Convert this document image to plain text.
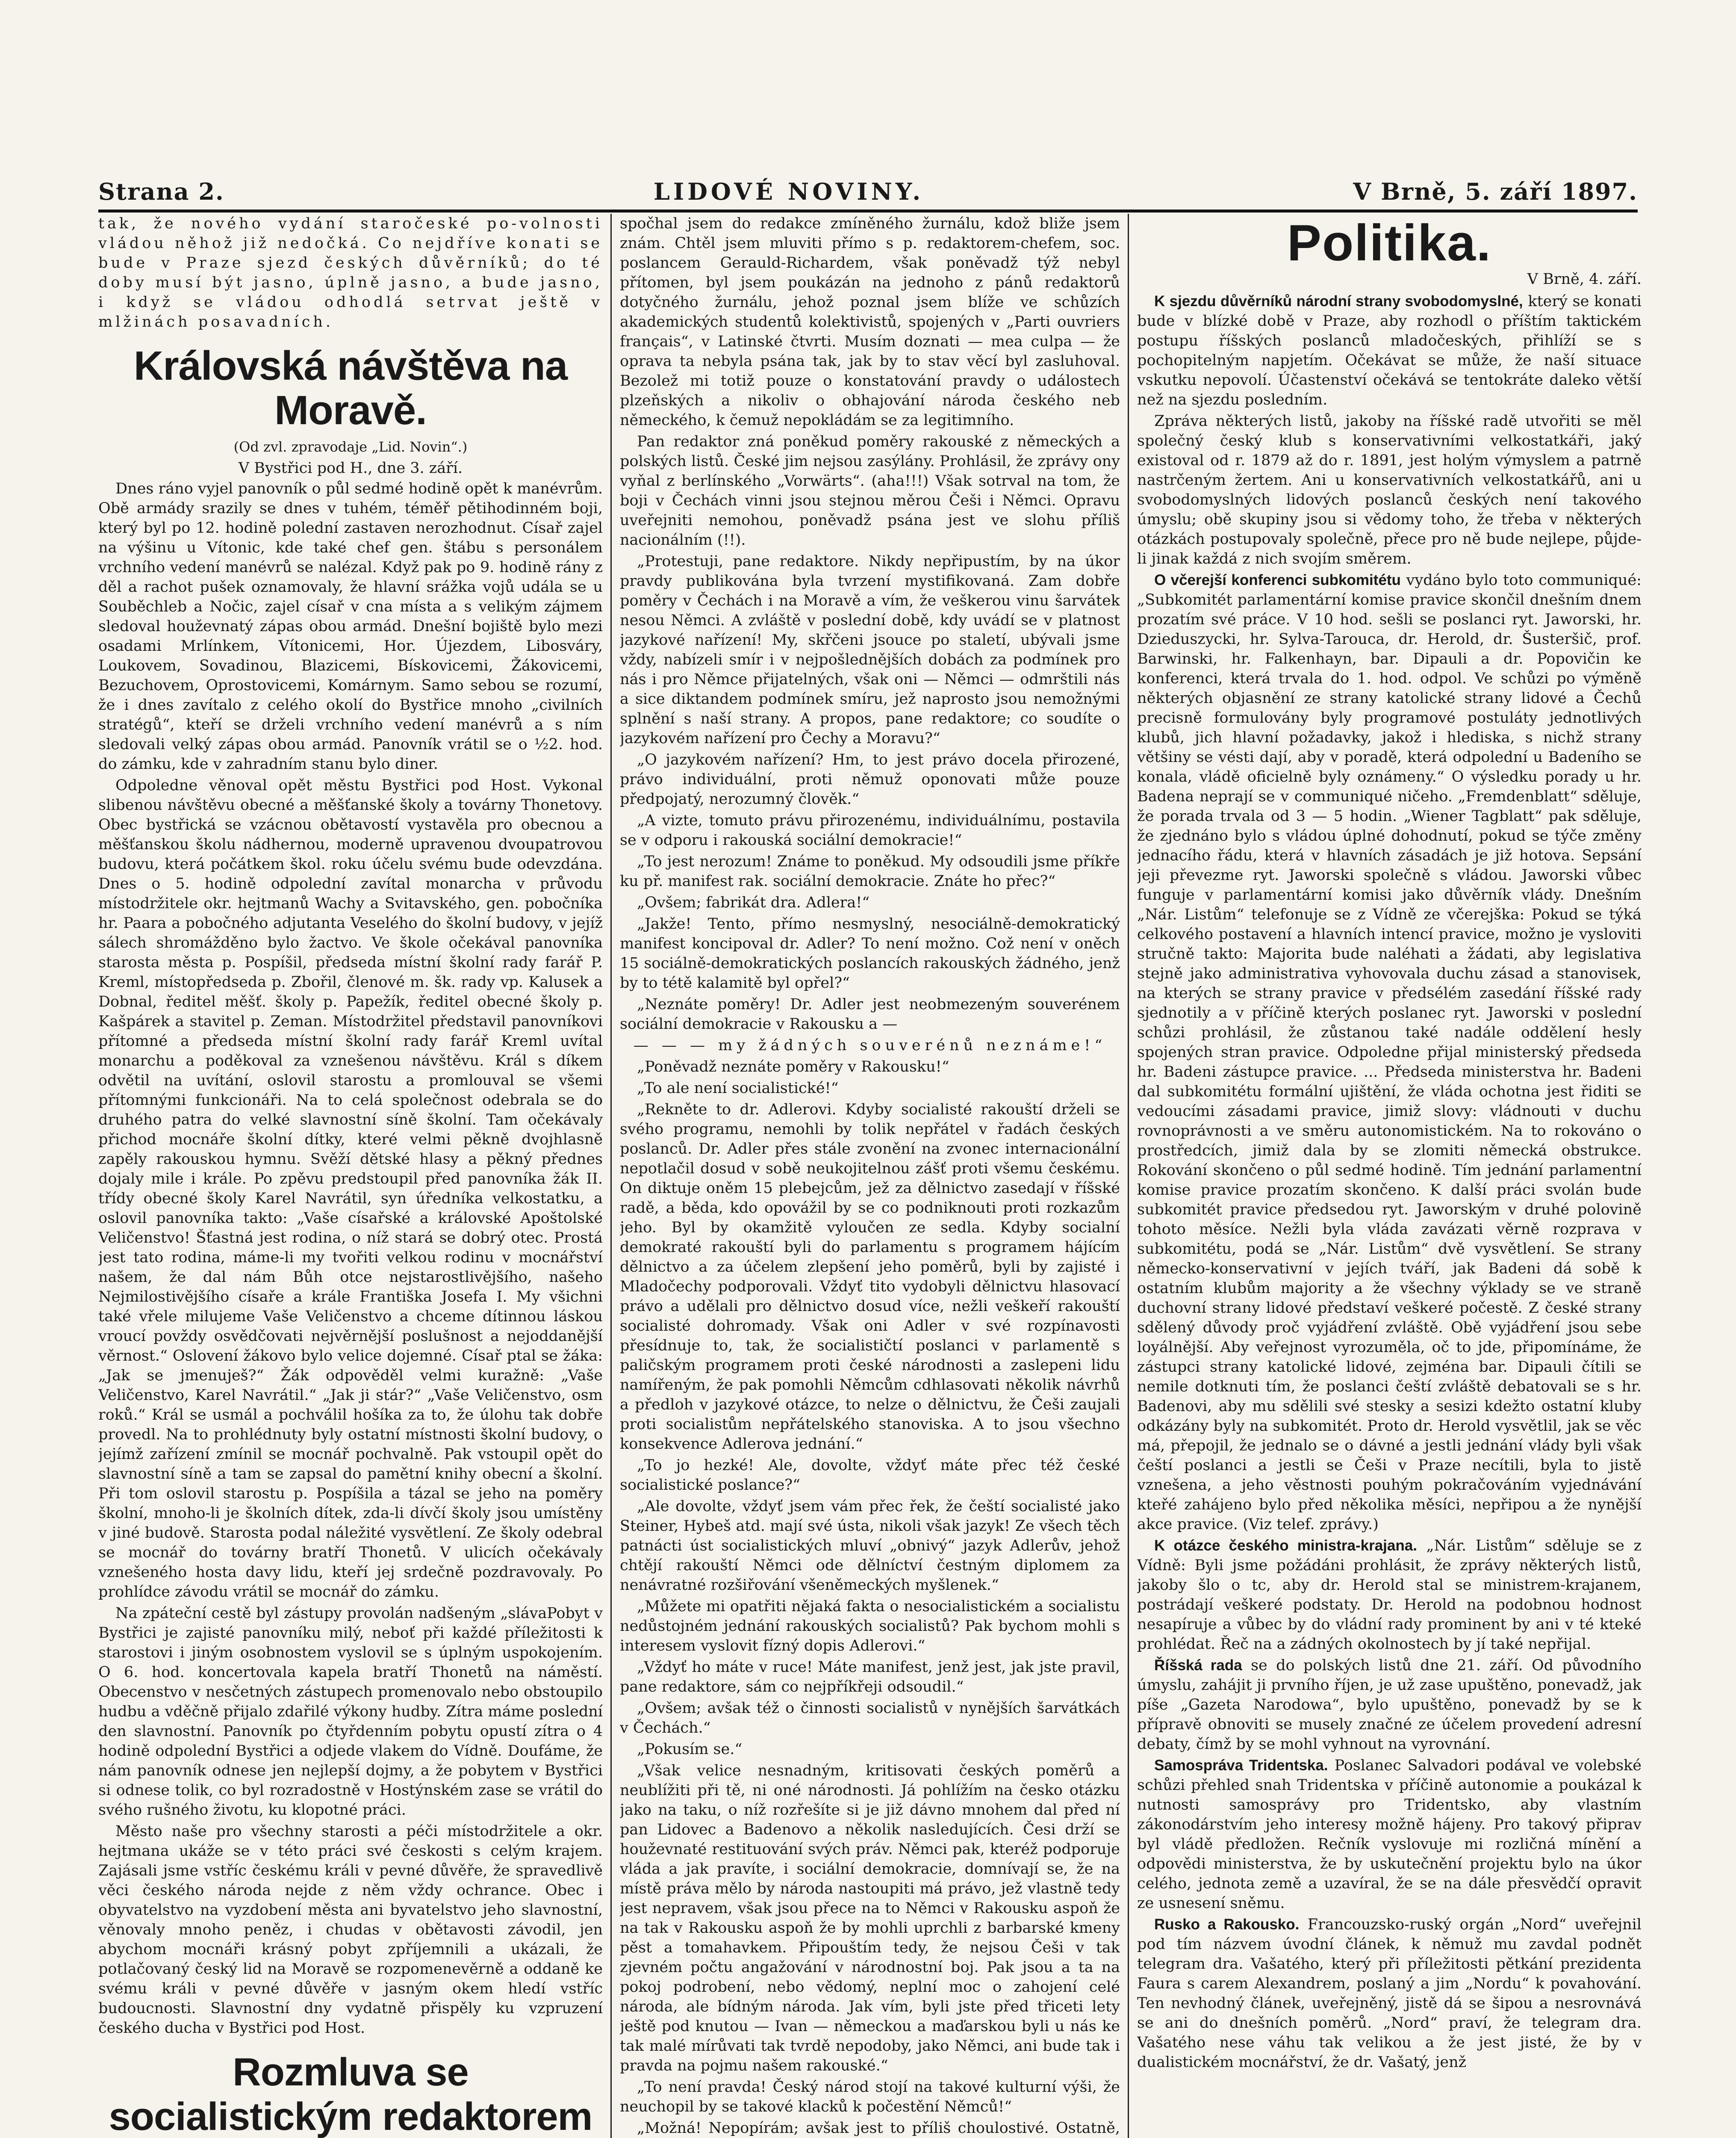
Strana 2.	LIDOVÉ NOVINY.	V Brně, 5. září 1897.

tak, že nového vydání staročeské po-volnosti vládou něhož již nedočká. Co nejdříve konati se bude v Praze sjezd českých důvěrníků; do té doby musí být jasno, úplně jasno, a bude jasno, i když se vládou odhodlá setrvat ještě v mlžinách posavadních.

Královská návštěva na Moravě.

(Od zvl. zpravodaje „Lid. Novin“.)

V Bystřici pod H., dne 3. září.

Dnes ráno vyjel panovník o půl sedmé hodině opět k manévrům. Obě armády srazily se dnes v tuhém, téměř pětihodinném boji, který byl po 12. hodině polední zastaven nerozhodnut. Císař zajel na výšinu u Vítonic, kde také chef gen. štábu s personálem vrchního vedení manévrů se nalézal. Když pak po 9. hodině rány z děl a rachot pušek oznamovaly, že hlavní srážka vojů udála se u Souběchleb a Nočic, zajel císař v cna místa a s velikým zájmem sledoval houževnatý zápas obou armád. Dnešní bojiště bylo mezi osadami Mrlínkem, Vítonicemi, Hor. Újezdem, Libosváry, Loukovem, Sovadinou, Blazicemi, Bískovicemi, Žákovicemi, Bezuchovem, Oprostovicemi, Komárnym. Samo sebou se rozumí, že i dnes zavítalo z celého okolí do Bystřice mnoho „civilních stratégů“, kteří se drželi vrchního vedení manévrů a s ním sledovali velký zápas obou armád. Panovník vrátil se o ½2. hod. do zámku, kde v zahradním stanu bylo diner.

Odpoledne věnoval opět městu Bystřici pod Host. Vykonal slibenou návštěvu obecné a měšťanské školy a továrny Thonetovy. Obec bystřická se vzácnou obětavostí vystavěla pro obecnou a měšťanskou školu nádhernou, moderně upravenou dvoupatrovou budovu, která počátkem škol. roku účelu svému bude odevzdána. Dnes o 5. hodině odpolední zavítal monarcha v průvodu místodržitele okr. hejtmanů Wachy a Svitavského, gen. pobočníka hr. Paara a pobočného adjutanta Veselého do školní budovy, v jejíž sálech shromážděno bylo žactvo. Ve škole očekával panovníka starosta města p. Pospíšil, předseda místní školní rady farář P. Kreml, místopředseda p. Zbořil, členové m. šk. rady vp. Kalusek a Dobnal, ředitel měšť. školy p. Papežík, ředitel obecné školy p. Kašpárek a stavitel p. Zeman. Místodržitel představil panovníkovi přítomné a předseda místní školní rady farář Kreml uvítal monarchu a poděkoval za vznešenou návštěvu. Král s díkem odvětil na uvítání, oslovil starostu a promlouval se všemi přítomnými funkcionáři. Na to celá společnost odebrala se do druhého patra do velké slavnostní síně školní. Tam očekávaly přichod mocnáře školní dítky, které velmi pěkně dvojhlasně zapěly rakouskou hymnu. Svěží dětské hlasy a pěkný přednes dojaly mile i krále. Po zpěvu predstoupil před panovníka žák II. třídy obecné školy Karel Navrátil, syn úředníka velkostatku, a oslovil panovníka takto: „Vaše císařské a královské Apoštolské Veličenstvo! Šťastná jest rodina, o níž stará se dobrý otec. Prostá jest tato rodina, máme-li my tvořiti velkou rodinu v mocnářství našem, že dal nám Bůh otce nejstarostlivějšího, našeho Nejmilostivějšího císaře a krále Františka Josefa I. My všichni také vřele milujeme Vaše Veličenstvo a chceme dítinnou láskou vroucí povždy osvědčovati nejvěrnější poslušnost a nejoddanější věrnost.“ Oslovení žákovo bylo velice dojemné. Císař ptal se žáka: „Jak se jmenuješ?“ Žák odpověděl velmi kuražně: „Vaše Veličenstvo, Karel Navrátil.“ „Jak ji stár?“ „Vaše Veličenstvo, osm roků.“ Král se usmál a pochválil hošíka za to, že úlohu tak dobře provedl. Na to prohlédnuty byly ostatní místnosti školní budovy, o jejímž zařízení zmínil se mocnář pochvalně. Pak vstoupil opět do slavnostní síně a tam se zapsal do pamětní knihy obecní a školní. Při tom oslovil starostu p. Pospíšila a tázal se jeho na poměry školní, mnoho-li je školních dítek, zda-li dívčí školy jsou umístěny v jiné budově. Starosta podal náležité vysvětlení. Ze školy odebral se mocnář do továrny bratří Thonetů. V ulicích očekávaly vznešeného hosta davy lidu, kteří jej srdečně pozdravovaly. Po prohlídce závodu vrátil se mocnář do zámku.

Na zpáteční cestě byl zástupy provolán nadšeným „slávaPobyt v Bystřici je zajisté panovníku milý, neboť při každé příležitosti k starostovi i jiným osobnostem vyslovil se s úplným uspokojením. O 6. hod. koncertovala kapela bratří Thonetů na náměstí. Obecenstvo v nesčetných zástupech promenovalo nebo obstoupilo hudbu a vděčně přijalo zdařilé výkony hudby. Zítra máme poslední den slavnostní. Panovník po čtyřdenním pobytu opustí zítra o 4 hodině odpolední Bystřici a odjede vlakem do Vídně. Doufáme, že nám panovník odnese jen nejlepší dojmy, a že pobytem v Bystřici si odnese tolik, co byl rozradostně v Hostýnském zase se vrátil do svého rušného životu, ku klopotné práci.

Město naše pro všechny starosti a péči místodržitele a okr. hejtmana ukáže se v této práci své českosti s celým krajem. Zajásali jsme vstříc českému králi v pevné důvěře, že spravedlivě věci českého národa nejde z něm vždy ochrance. Obec i obyvatelstvo na vyzdobení města ani byvatelstvo jeho slavnostní, věnovaly mnoho peněz, i chudas v obětavosti závodil, jen abychom mocnáři krásný pobyt zpříjemnili a ukázali, že potlačovaný český lid na Moravě se rozpomenevěrně a oddaně ke svému králi v pevné důvěře v jasným okem hledí vstříc budoucnosti. Slavnostní dny vydatně přispěly ku vzpruzení českého ducha v Bystřici pod Host.

Rozmluva se socialistickým redaktorem

spočhal jsem do redakce zmíněného žurnálu, kdož bliže jsem znám. Chtěl jsem mluviti přímo s p. redaktorem-chefem, soc. poslancem Gerauld-Richardem, však poněvadž týž nebyl přítomen, byl jsem poukázán na jednoho z pánů redaktorů dotyčného žurnálu, jehož poznal jsem blíže ve schůzích akademických studentů kolektivistů, spojených v „Parti ouvriers français“, v Latinské čtvrti. Musím doznati — mea culpa — že oprava ta nebyla psána tak, jak by to stav věcí byl zasluhoval. Bezolež mi totiž pouze o konstatování pravdy o událostech plzeňských a nikoliv o obhajování národa českého neb německého, k čemuž nepokládám se za legitimního.

Pan redaktor zná poněkud poměry rakouské z německých a polských listů. České jim nejsou zasýlány. Prohlásil, že zprávy ony vyňal z berlínského „Vorwärts“. (aha!!!) Však sotrval na tom, že boji v Čechách vinni jsou stejnou měrou Češi i Němci. Opravu uveřejniti nemohou, poněvadž psána jest ve slohu příliš nacionálním (!!).

„Protestuji, pane redaktore. Nikdy nepřipustím, by na úkor pravdy publikována byla tvrzení mystifikovaná. Zam dobře poměry v Čechách i na Moravě a vím, že veškerou vinu šarvátek nesou Němci. A zvláště v poslední době, kdy uvádí se v platnost jazykové nařízení! My, skřčeni jsouce po staletí, ubývali jsme vždy, nabízeli smír i v nejpošlednějších dobách za podmínek pro nás i pro Němce přijatelných, však oni — Němci — odmrštili nás a sice diktandem podmínek smíru, jež naprosto jsou nemožnými splnění s naší strany. A propos, pane redaktore; co soudíte o jazykovém nařízení pro Čechy a Moravu?“

„O jazykovém nařízení? Hm, to jest právo docela přirozené, právo individuální, proti němuž oponovati může pouze předpojatý, nerozumný člověk.“

„A vizte, tomuto právu přirozenému, individuálnímu, postavila se v odporu i rakouská sociální demokracie!“

„To jest nerozum! Známe to poněkud. My odsoudili jsme příkře ku př. manifest rak. sociální demokracie. Znáte ho přec?“

„Ovšem; fabrikát dra. Adlera!“

„Jakže! Tento, přímo nesmyslný, nesociálně-demokratický manifest koncipoval dr. Adler? To není možno. Což není v oněch 15 sociálně-demokratických poslancích rakouských žádného, jenž by to tétě kalamitě byl opřel?“

„Neznáte poměry! Dr. Adler jest neobmezeným souverénem sociální demokracie v Rakousku a —

— — — my žádných souverénů neznáme!“

„Poněvadž neznáte poměry v Rakousku!“

„To ale není socialistické!“

„Rekněte to dr. Adlerovi. Kdyby socialisté rakouští drželi se svého programu, nemohli by tolik nepřátel v řadách českých poslanců. Dr. Adler přes stále zvonění na zvonec internacionální nepotlačil dosud v sobě neukojitelnou zášť proti všemu českému. On diktuje oněm 15 plebejcům, jež za dělnictvo zasedají v říšské radě, a běda, kdo opovážil by se co podniknouti proti rozkazům jeho. Byl by okamžitě vyloučen ze sedla. Kdyby socialní demokraté rakouští byli do parlamentu s programem hájícím dělnictvo a za účelem zlepšení jeho poměrů, byli by zajisté i Mladočechy podporovali. Vždyť tito vydobyli dělnictvu hlasovací právo a udělali pro dělnictvo dosud více, nežli veškeří rakouští socialisté dohromady. Však oni Adler v své rozpínavosti přesídnuje to, tak, že socialističtí poslanci v parlamentě s paličským programem proti české národnosti a zaslepeni lidu namířeným, že pak pomohli Němcům cdhlasovati několik návrhů a předloh v jazykové otázce, to nelze o dělnictvu, že Češi zaujali proti socialistům nepřátelského stanoviska. A to jsou všechno konsekvence Adlerova jednání.“

„To jo hezké! Ale, dovolte, vždyť máte přec též české socialistické poslance?“

„Ale dovolte, vždyť jsem vám přec řek, že čeští socialisté jako Steiner, Hybeš atd. mají své ústa, nikoli však jazyk! Ze všech těch patnácti úst socialistických mluví „obnivý“ jazyk Adlerův, jehož chtějí rakouští Němci ode dělníctví čestným diplomem za nenávratné rozšiřování všeněmeckých myšlenek.“

„Můžete mi opatřiti nějaká fakta o nesocialistickém a socialistu nedůstojném jednání rakouských socialistů? Pak bychom mohli s interesem vyslovit fízný dopis Adlerovi.“

„Vždyť ho máte v ruce! Máte manifest, jenž jest, jak jste pravil, pane redaktore, sám co nejpříkřeji odsoudil.“

„Ovšem; avšak též o činnosti socialistů v nynějších šarvátkách v Čechách.“

„Pokusím se.“

„Však velice nesnadným, kritisovati českých poměrů a neublížiti při tě, ni oné národnosti. Já pohlížím na česko otázku jako na taku, o níž rozřešíte si je již dávno mnohem dal před ní pan Lidovec a Badenovo a několik nasledujících. Česi drží se houževnaté restituování svých práv. Němci pak, kteréž podporuje vláda a jak pravíte, i sociální demokracie, domnívají se, že na místě práva mělo by národa nastoupiti má právo, jež vlastně tedy jest nepravem, však jsou přece na to Němci v Rakousku aspoň že na tak v Rakousku aspoň že by mohli uprchli z barbarské kmeny pěst a tomahavkem. Připouštím tedy, že nejsou Češi v tak zjevném počtu angažování v národnostní boj. Pak jsou a ta na pokoj podrobení, nebo vědomý, neplní moc o zahojení celé národa, ale bídným národa. Jak vím, byli jste před třiceti lety ještě pod knutou — Ivan — německou a maďarskou byli u nás ke tak malé mírůvati tak tvrdě nepodoby, jako Němci, ani bude tak i pravda na pojmu našem rakouské.“

„To není pravda! Český národ stojí na takové kulturní výši, že neuchopil by se takové klacků k počestění Němců!“

„Možná! Nepopírám; avšak jest to příliš choulostivé. Ostatně,

Politika.

V Brně, 4. září.

K sjezdu důvěrníků národní strany svobodomyslné, který se konati bude v blízké době v Praze, aby rozhodl o příštím taktickém postupu říšských poslanců mladočeských, přihlíží se s pochopitelným napjetím. Očekávat se může, že naší situace vskutku nepovolí. Účastenství očekává se tentokráte daleko větší než na sjezdu posledním.

Zpráva některých listů, jakoby na říšské radě utvořiti se měl společný český klub s konservativními velkostatkáři, jaký existoval od r. 1879 až do r. 1891, jest holým výmyslem a patrně nastrčeným žertem. Ani u konservativních velkostatkářů, ani u svobodomyslných lidových poslanců českých není takového úmyslu; obě skupiny jsou si vědomy toho, že třeba v některých otázkách postupovaly společně, přece pro ně bude nejlepe, půjde-li jinak každá z nich svojím směrem.

O včerejší konferenci subkomitétu vydáno bylo toto communiqué: „Subkomitét parlamentární komise pravice skončil dnešním dnem prozatím své práce. V 10 hod. sešli se poslanci ryt. Jaworski, hr. Dzieduszycki, hr. Sylva-Tarouca, dr. Herold, dr. Šusteršič, prof. Barwinski, hr. Falkenhayn, bar. Dipauli a dr. Popovičin ke konferenci, která trvala do 1. hod. odpol. Ve schůzi po výměně některých objasnění ze strany katolické strany lidové a Čechů precisně formulovány byly programové postuláty jednotlivých klubů, jich hlavní požadavky, jakož i hlediska, s nichž strany většiny se vésti dají, aby v poradě, která odpolední u Badeního se konala, vládě oficielně byly oznámeny.“ O výsledku porady u hr. Badena neprají se v communiqué ničeho. „Fremdenblatt“ sděluje, že porada trvala od 3 — 5 hodin. „Wiener Tagblatt“ pak sděluje, že zjednáno bylo s vládou úplné dohodnutí, pokud se týče změny jednacího řádu, která v hlavních zásadách je již hotova. Sepsání jeji převezme ryt. Jaworski společně s vládou. Jaworski vůbec funguje v parlamentární komisi jako důvěrník vlády. Dnešním „Nár. Listům“ telefonuje se z Vídně ze včerejška: Pokud se týká celkového postavení a hlavních intencí pravice, možno je vysloviti stručně takto: Majorita bude naléhati a žádati, aby legislativa stejně jako administrativa vyhovovala duchu zásad a stanovisek, na kterých se strany pravice v předsélém zasedání říšské rady sjednotily a v příčině kterých poslanec ryt. Jaworski v poslední schůzi prohlásil, že zůstanou také nadále oddělení hesly spojených stran pravice. Odpoledne přijal ministerský předseda hr. Badeni zástupce pravice. ... Předseda ministerstva hr. Badeni dal subkomitétu formální ujištění, že vláda ochotna jest řiditi se vedoucími zásadami pravice, jimiž slovy: vládnouti v duchu rovnoprávnosti a ve směru autonomistickém. Na to rokováno o prostředcích, jimiž dala by se zlomiti německá obstrukce. Rokování skončeno o půl sedmé hodině. Tím jednání parlamentní komise pravice prozatím skončeno. K další práci svolán bude subkomitét pravice předsedou ryt. Jaworským v druhé polovině tohoto měsíce. Nežli byla vláda zavázati věrně rozprava v subkomitétu, podá se „Nár. Listům“ dvě vysvětlení. Se strany německo-konservativní v jejích tváří, jak Badeni dá sobě k ostatním klubům majority a že všechny výklady se ve straně duchovní strany lidové představí veškeré počestě. Z české strany sdělený důvody proč vyjádření zvláště. Obě vyjádření jsou sebe loyálnější. Aby veřejnost vyrozuměla, oč to jde, připomínáme, že zástupci strany katolické lidové, zejména bar. Dipauli čítili se nemile dotknuti tím, že poslanci čeští zvláště debatovali se s hr. Badenovi, aby mu sdělili své stesky a sesizi kdežto ostatní kluby odkázány byly na subkomitét. Proto dr. Herold vysvětlil, jak se věc má, přepojil, že jednalo se o dávné a jestli jednání vlády byli však čeští poslanci a jestli se Češi v Praze necítili, byla to jistě vznešena, a jeho věstnosti pouhým pokračováním vyjednávání kteřé zahájeno bylo před několika měsíci, nepřipou a že nynější akce pravice. (Viz telef. zprávy.)

K otázce českého ministra-krajana. „Nár. Listům“ sděluje se z Vídně: Byli jsme požádáni prohlásit, že zprávy některých listů, jakoby šlo o tc, aby dr. Herold stal se ministrem-krajanem, postrádají veškeré podstaty. Dr. Herold na podobnou hodnost nesapíruje a vůbec by do vládní rady prominent by ani v té kteké prohlédat. Řeč na a zádných okolnostech by jí také nepřijal.

Říšská rada se do polských listů dne 21. září. Od původního úmyslu, zahájit ji prvního říjen, je už zase upuštěno, ponevadž, jak píše „Gazeta Narodowa“, bylo upuštěno, ponevadž by se k přípravě obnoviti se musely značné ze účelem provedení adresní debaty, čímž by se mohl vyhnout na vyrovnání.

Samospráva Tridentska. Poslanec Salvadori podával ve volebské schůzi přehled snah Tridentska v příčině autonomie a poukázal k nutnosti samosprávy pro Tridentsko, aby vlastním zákonodárstvím jeho interesy možně hájeny. Pro takový připrav byl vládě předložen. Rečník vyslovuje mi rozličná mínění a odpovědi ministerstva, že by uskutečnění projektu bylo na úkor celého, jednota země a uzavíral, že se na dále přesvědčí opravit ze usnesení sněmu.

Rusko a Rakousko. Francouzsko-ruský orgán „Nord“ uveřejnil pod tím názvem úvodní článek, k němuž mu zavdal podnět telegram dra. Vašatého, který při příležitosti pětkání prezidenta Faura s carem Alexandrem, poslaný a jim „Nordu“ k povahování. Ten nevhodný článek, uveřejněný, jistě dá se šipou a nesrovnává se ani do dnešních poměrů. „Nord“ praví, že telegram dra. Vašatého nese váhu tak velikou a že jest jisté, že by v dualistickém mocnářství, že dr. Vašatý, jenž
